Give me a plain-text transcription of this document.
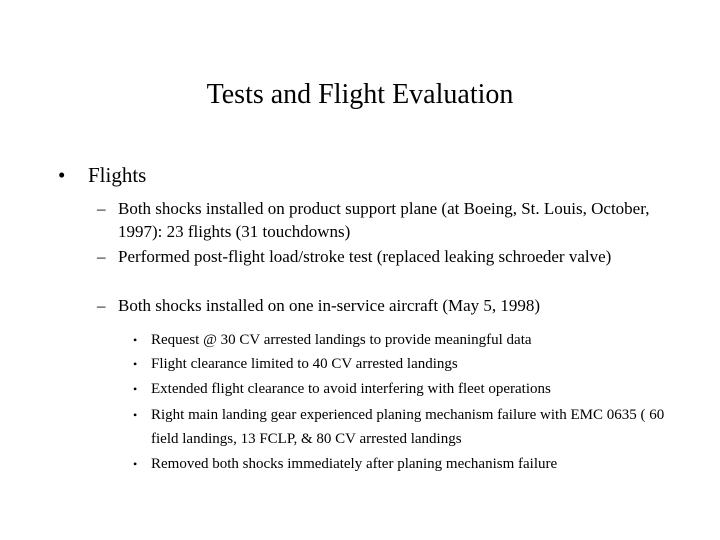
Tests and Flight Evaluation
• Flights
– Both shocks installed on product support plane (at Boeing, St. Louis, October, 1997): 23 flights (31 touchdowns)
– Performed post-flight load/stroke test (replaced leaking schroeder valve)
– Both shocks installed on one in-service aircraft (May 5, 1998)
• Request @ 30 CV arrested landings to provide meaningful data
• Flight clearance limited to 40 CV arrested landings
• Extended flight clearance to avoid interfering with fleet operations
• Right main landing gear experienced planing mechanism failure with EMC 0635 ( 60 field landings, 13 FCLP, & 80 CV arrested landings
• Removed both shocks immediately after planing mechanism failure
